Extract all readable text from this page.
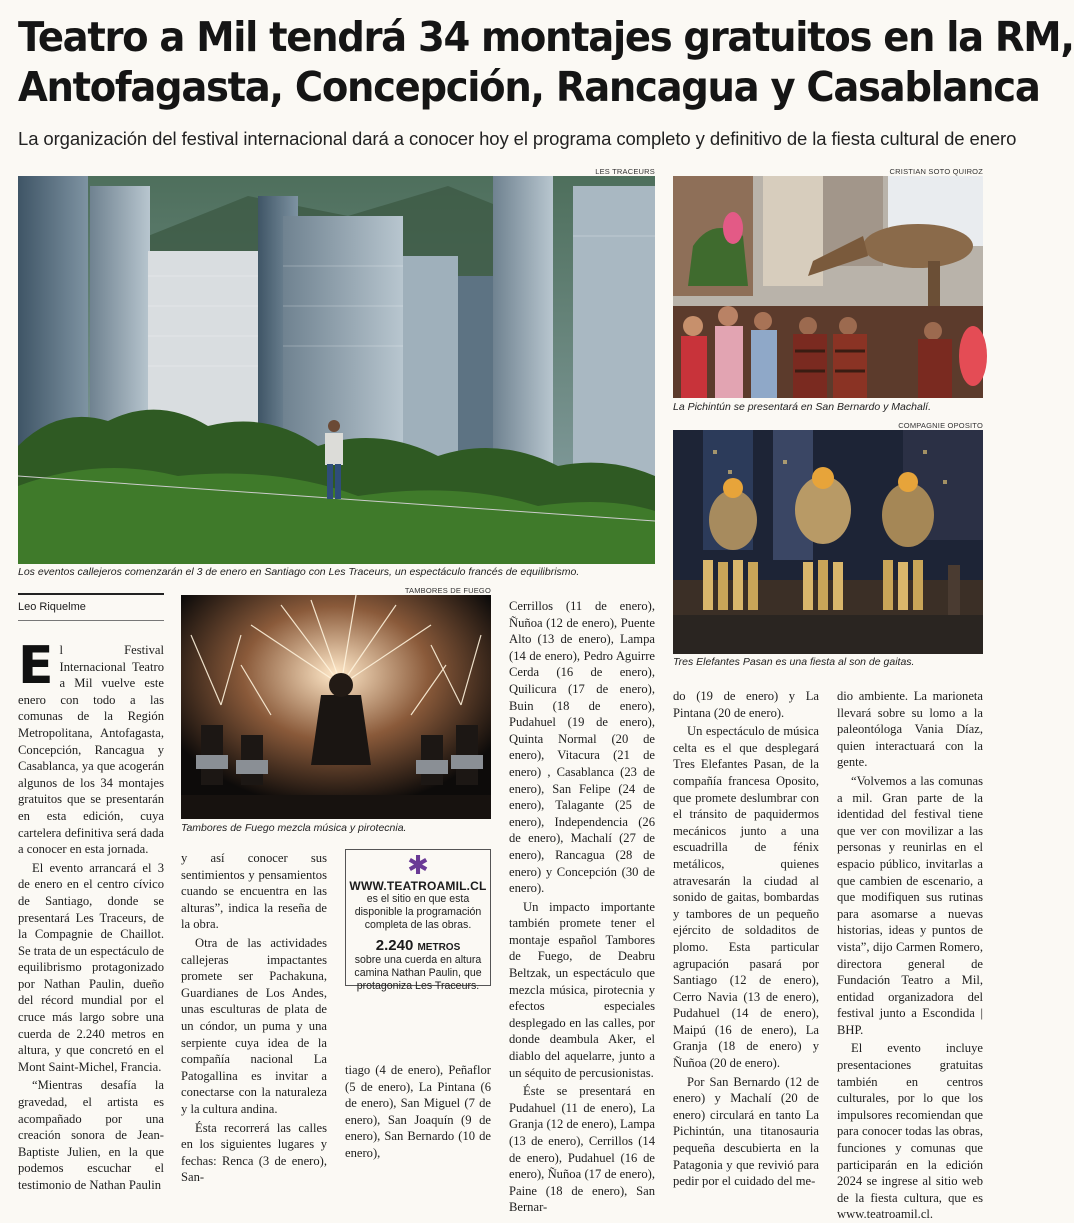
Teatro a Mil tendrá 34 montajes gratuitos en la RM,
Antofagasta, Concepción, Rancagua y Casablanca
La organización del festival internacional dará a conocer hoy el programa completo y definitivo de la fiesta cultural de enero
LES TRACEURS
Los eventos callejeros comenzarán el 3 de enero en Santiago con Les Traceurs, un espectáculo francés de equilibrismo.
CRISTIAN SOTO QUIROZ
La Pichintún se presentará en San Bernardo y Machalí.
COMPAGNIE OPOSITO
Tres Elefantes Pasan es una fiesta al son de gaitas.
TAMBORES DE FUEGO
Tambores de Fuego mezcla música y pirotecnia.
Leo Riquelme

El Festival Internacional Teatro a Mil vuelve este enero con todo a las comunas de la Región Metropolitana, Antofagasta, Concepción, Rancagua y Casablanca, ya que acogerán algunos de los 34 montajes gratuitos que se presentarán en esta edición, cuya cartelera definitiva será dada a conocer en esta jornada.

El evento arrancará el 3 de enero en el centro cívico de Santiago, donde se presentará Les Traceurs, de la Compagnie de Chaillot. Se trata de un espectáculo de equilibrismo protagonizado por Nathan Paulin, dueño del récord mundial por el cruce más largo sobre una cuerda de 2.240 metros en altura, y que concretó en el Mont Saint-Michel, Francia.

“Mientras desafía la gravedad, el artista es acompañado por una creación sonora de Jean-Baptiste Julien, en la que podemos escuchar el testimonio de Nathan Paulin

y así conocer sus sentimientos y pensamientos cuando se encuentra en las alturas”, indica la reseña de la obra.

Otra de las actividades callejeras impactantes promete ser Pachakuna, Guardianes de Los Andes, unas esculturas de plata de un cóndor, un puma y una serpiente cuya idea de la compañía nacional La Patogallina es invitar a conectarse con la naturaleza y la cultura andina.

Ésta recorrerá las calles en los siguientes lugares y fechas: Renca (3 de enero), San-

✱
WWW.TEATROAMIL.CL
es el sitio en que esta disponible la programación completa de las obras.
2.240 METROS
sobre una cuerda en altura camina Nathan Paulin, que protagoniza Les Traceurs.

tiago (4 de enero), Peñaflor (5 de enero), La Pintana (6 de enero), San Miguel (7 de enero), San Joaquín (9 de enero), San Bernardo (10 de enero),

Cerrillos (11 de enero), Ñuñoa (12 de enero), Puente Alto (13 de enero), Lampa (14 de enero), Pedro Aguirre Cerda (16 de enero), Quilicura (17 de enero), Buin (18 de enero), Pudahuel (19 de enero), Quinta Normal (20 de enero), Vitacura (21 de enero) , Casablanca (23 de enero), San Felipe (24 de enero), Talagante (25 de enero), Independencia (26 de enero), Machalí (27 de enero), Rancagua (28 de enero) y Concepción (30 de enero).

Un impacto importante también promete tener el montaje español Tambores de Fuego, de Deabru Beltzak, un espectáculo que mezcla música, pirotecnia y efectos especiales desplegado en las calles, por donde deambula Aker, el diablo del aquelarre, junto a un séquito de percusionistas.

Éste se presentará en Pudahuel (11 de enero), La Granja (12 de enero), Lampa (13 de enero), Cerrillos (14 de enero), Pudahuel (16 de enero), Ñuñoa (17 de enero), Paine (18 de enero), San Bernar-

do (19 de enero) y La Pintana (20 de enero).

Un espectáculo de música celta es el que desplegará Tres Elefantes Pasan, de la compañía francesa Oposito, que promete deslumbrar con el tránsito de paquidermos mecánicos junto a una escuadrilla de fénix metálicos, quienes atravesarán la ciudad al sonido de gaitas, bombardas y tambores de un pequeño ejército de soldaditos de plomo. Esta particular agrupación pasará por Santiago (12 de enero), Cerro Navia (13 de enero), Pudahuel (14 de enero), Maipú (16 de enero), La Granja (18 de enero) y Ñuñoa (20 de enero).

Por San Bernardo (12 de enero) y Machalí (20 de enero) circulará en tanto La Pichintún, una titanosauria pequeña descubierta en la Patagonia y que revivió para pedir por el cuidado del me-

dio ambiente. La marioneta llevará sobre su lomo a la paleontóloga Vania Díaz, quien interactuará con la gente.

“Volvemos a las comunas a mil. Gran parte de la identidad del festival tiene que ver con movilizar a las personas y reunirlas en el espacio público, invitarlas a que cambien de escenario, a que modifiquen sus rutinas para asomarse a nuevas historias, ideas y puntos de vista”, dijo Carmen Romero, directora general de Fundación Teatro a Mil, entidad organizadora del festival junto a Escondida | BHP.

El evento incluye presentaciones gratuitas también en centros culturales, por lo que los impulsores recomiendan que para conocer todas las obras, funciones y comunas que participarán en la edición 2024 se ingrese al sitio web de la fiesta cultura, que es www.teatroamil.cl.
